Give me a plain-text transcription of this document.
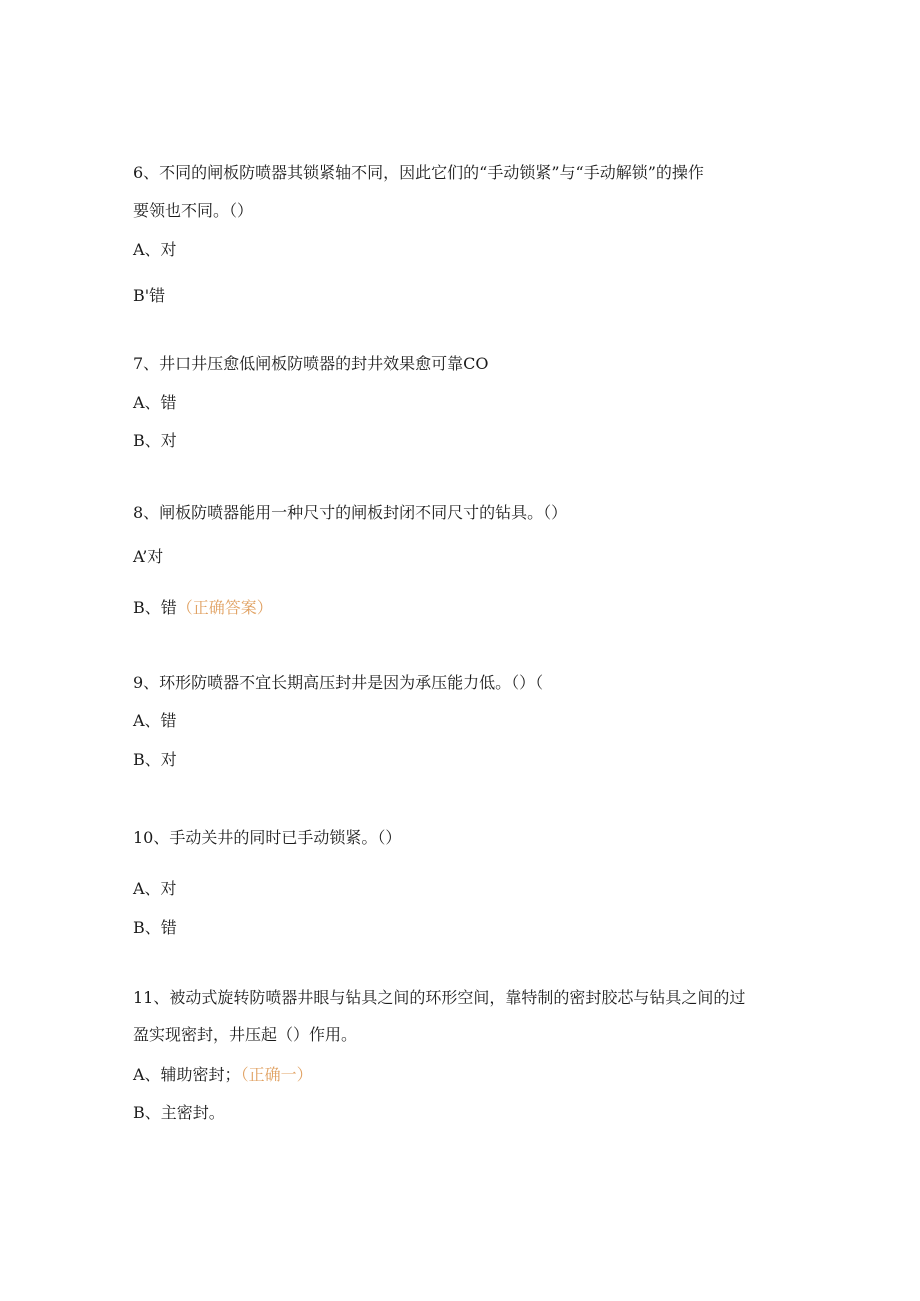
6、不同的闸板防喷器其锁紧轴不同，因此它们的“手动锁紧”与“手动解锁”的操作
要领也不同。（）
A、对
B'错
7、井口井压愈低闸板防喷器的封井效果愈可靠CO
A、错
B、对
8、闸板防喷器能用一种尺寸的闸板封闭不同尺寸的钻具。（）
A’对
B、错（正确答案）
9、环形防喷器不宜长期高压封井是因为承压能力低。（）（
A、错
B、对
10、手动关井的同时已手动锁紧。（）
A、对
B、错
11、被动式旋转防喷器井眼与钻具之间的环形空间，靠特制的密封胶芯与钻具之间的过
盈实现密封，井压起（）作用。
A、辅助密封；（正确一）
B、主密封。
